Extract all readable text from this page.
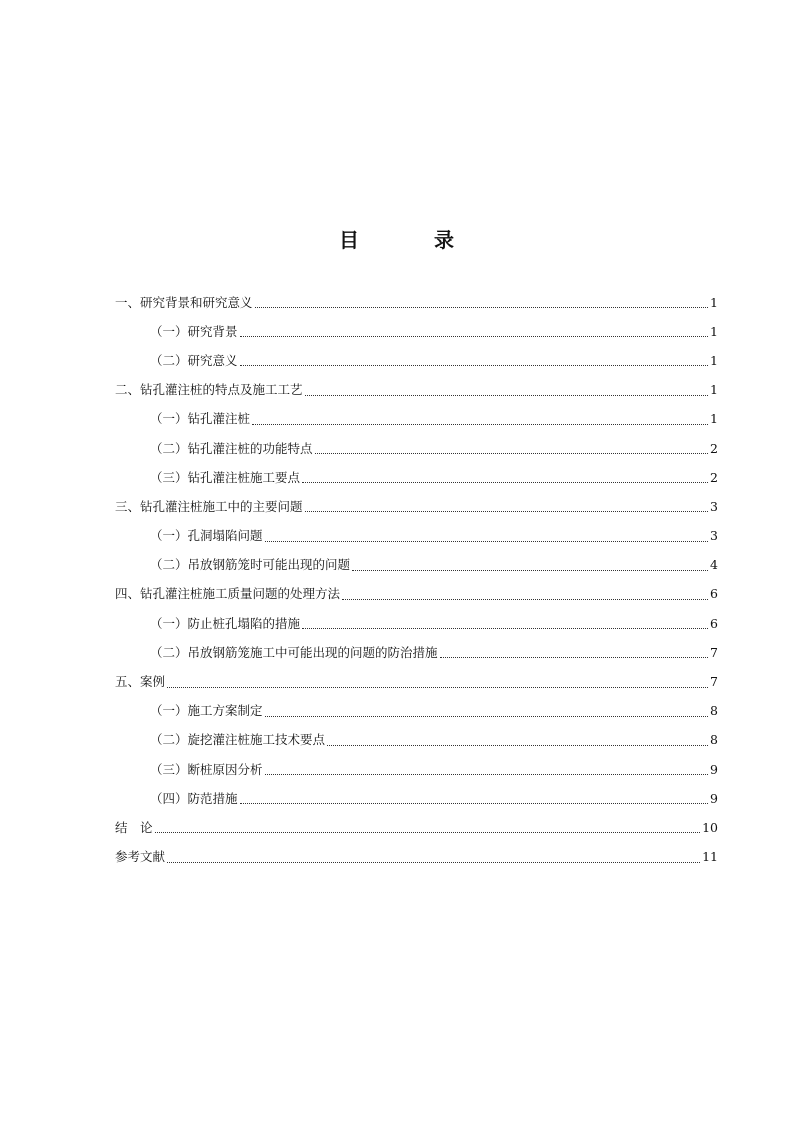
目 录
一、研究背景和研究意义	1
（一）研究背景	1
（二）研究意义	1
二、钻孔灌注桩的特点及施工工艺	1
（一）钻孔灌注桩	1
（二）钻孔灌注桩的功能特点	2
（三）钻孔灌注桩施工要点	2
三、钻孔灌注桩施工中的主要问题	3
（一）孔洞塌陷问题	3
（二）吊放钢筋笼时可能出现的问题	4
四、钻孔灌注桩施工质量问题的处理方法	6
（一）防止桩孔塌陷的措施	6
（二）吊放钢筋笼施工中可能出现的问题的防治措施	7
五、案例	7
（一）施工方案制定	8
（二）旋挖灌注桩施工技术要点	8
（三）断桩原因分析	9
（四）防范措施	9
结　论	10
参考文献	11
